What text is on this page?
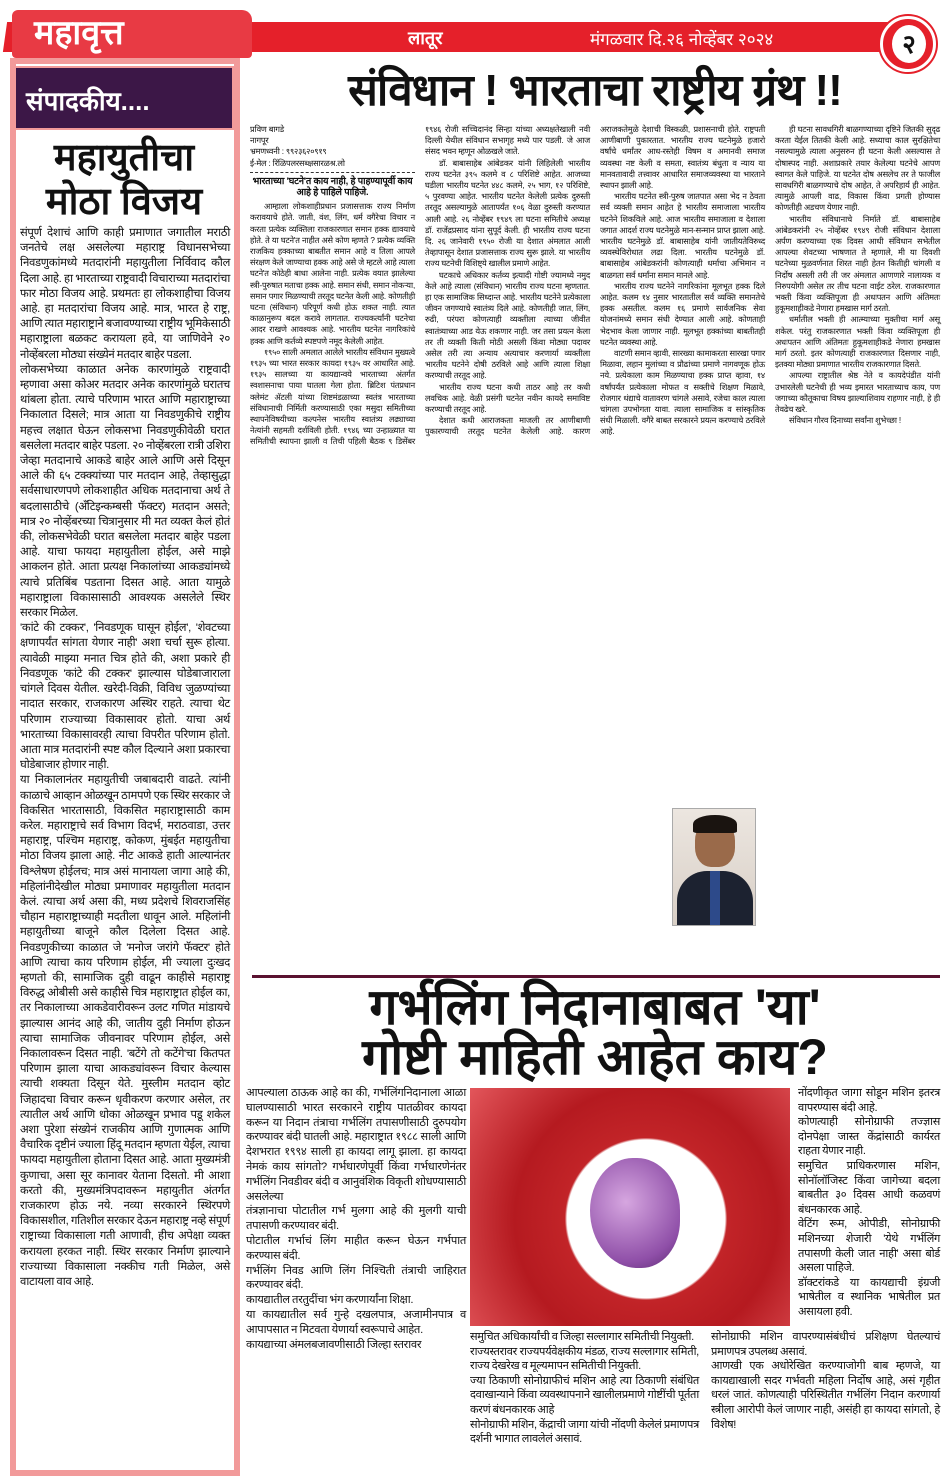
महावृत्त	लातूर	मंगळवार दि.२६ नोव्हेंबर २०२४	२
संपादकीय....
महायुतीचा मोठा विजय

संपूर्ण देशाचं आणि काही प्रमाणात जगातील मराठी जनतेचे लक्ष असलेल्या महाराष्ट्र विधानसभेच्या निवडणुकांमध्ये मतदारांनी महायुतीला निर्विवाद कौल दिला आहे. हा भारताच्या राष्ट्रवादी विचाराच्या मतदारांचा फार मोठा विजय आहे. प्रथमतः हा लोकशाहीचा विजय आहे. हा मतदारांचा विजय आहे. मात्र, भारत हे राष्ट्र, आणि त्यात महाराष्ट्राने बजावण्याच्या राष्ट्रीय भूमिकेसाठी महाराष्ट्राला बळकट करायला हवे, या जाणिवेने २० नोव्हेंबरला मोठ्या संख्येनं मतदार बाहेर पडला.

लोकसभेच्या काळात अनेक कारणांमुळे राष्ट्रवादी म्हणावा असा कोअर मतदार अनेक कारणांमुळे घरातच थांबला होता. त्याचे परिणाम भारत आणि महाराष्ट्राच्या निकालात दिसले; मात्र आता या निवडणुकीचे राष्ट्रीय महत्त्व लक्षात घेऊन लोकसभा निवडणुकीवेळी घरात बसलेला मतदार बाहेर पडला. २० नोव्हेंबरला रात्री उशिरा जेव्हा मतदानाचे आकडे बाहेर आले आणि असे दिसून आले की ६५ टक्क्यांच्या पार मतदान आहे, तेव्हासुद्धा सर्वसाधारणपणे लोकशाहीत अधिक मतदानाचा अर्थ ते बदलासाठीचे (अँटिइन्कम्बसी फॅक्टर) मतदान असते; मात्र २० नोव्हेंबरच्या चित्रानुसार मी मत व्यक्त केलं होतं की, लोकसभेवेळी घरात बसलेला मतदार बाहेर पडला आहे. याचा फायदा महायुतीला होईल, असे माझे आकलन होते. आता प्रत्यक्ष निकालांच्या आकड्यांमध्ये त्याचे प्रतिबिंब पडताना दिसत आहे. आता यामुळे महाराष्ट्राला विकासासाठी आवश्यक असलेले स्थिर सरकार मिळेल.

'कांटे की टक्कर', 'निवडणूक घासून होईल', 'शेवटच्या क्षणापर्यंत सांगता येणार नाही' अशा चर्चा सुरू होत्या. त्यावेळी माझ्या मनात चित्र होते की, अशा प्रकारे ही निवडणूक 'कांटे की टक्कर' झाल्यास घोडेबाजाराला चांगले दिवस येतील. खरेदी-विक्री, विविध जुळण्यांच्या नादात सरकार, राजकारण अस्थिर राहते. त्याचा थेट परिणाम राज्याच्या विकासावर होतो. याचा अर्थ भारताच्या विकासावरही त्याचा विपरीत परिणाम होतो. आता मात्र मतदारांनी स्पष्ट कौल दिल्याने अशा प्रकारचा घोडेबाजार होणार नाही.

या निकालानंतर महायुतीची जबाबदारी वाढते. त्यांनी काळाचे आव्हान ओळखून ठामपणे एक स्थिर सरकार जे विकसित भारतासाठी, विकसित महाराष्ट्रासाठी काम करेल. महाराष्ट्राचे सर्व विभाग विदर्भ, मराठवाडा, उत्तर महाराष्ट्र, पश्चिम महाराष्ट्र, कोकण, मुंबईत महायुतीचा मोठा विजय झाला आहे. नीट आकडे हाती आल्यानंतर विश्लेषण होईलच; मात्र असं मानायला जागा आहे की, महिलांनीदेखील मोठ्या प्रमाणावर महायुतीला मतदान केलं. त्याचा अर्थ असा की, मध्य प्रदेशचे शिवराजसिंह चौहान महाराष्ट्राच्याही मदतीला धावून आले. महिलांनी महायुतीच्या बाजूने कौल दिलेला दिसत आहे. निवडणुकीच्या काळात जे 'मनोज जरांगे फॅक्टर' होते आणि त्याचा काय परिणाम होईल, मी ज्याला दुःखद म्हणतो की, सामाजिक दुही वाढून काहीसे महाराष्ट्र विरुद्ध ओबीसी असे काहीसे चित्र महाराष्ट्रात होईल का, तर निकालाच्या आकडेवारीवरून उलट गणित मांडायचे झाल्यास आनंद आहे की, जातीय दुही निर्माण होऊन त्याचा सामाजिक जीवनावर परिणाम होईल, असे निकालावरून दिसत नाही. 'बटेंगे तो कटेंगे'चा कितपत परिणाम झाला याचा आकड्यांवरून विचार केल्यास त्याची शक्यता दिसून येते. मुस्लीम मतदान व्होट जिहादचा विचार करून धृवीकरण करणार असेल, तर त्यातील अर्थ आणि धोका ओळखून प्रभाव पडू शकेल अशा पुरेशा संख्येनं राजकीय आणि गुणात्मक आणि वैचारिक दृष्टीनं ज्याला हिंदू मतदान म्हणता येईल, त्याचा फायदा महायुतीला होताना दिसत आहे. आता मुख्यमंत्री कुणाचा, असा सूर कानावर येताना दिसतो. मी आशा करतो की, मुख्यमंत्रिपदावरून महायुतीत अंतर्गत राजकारण होऊ नये. नव्या सरकारने स्थिरपणे विकासशील, गतिशील सरकार देऊन महाराष्ट्र नव्हे संपूर्ण राष्ट्राच्या विकासाला गती आणावी, हीच अपेक्षा व्यक्त करायला हरकत नाही. स्थिर सरकार निर्माण झाल्याने राज्याच्या विकासाला नक्कीच गती मिळेल, असे वाटायला वाव आहे.

संविधान ! भारताचा राष्ट्रीय ग्रंथ !!
प्रविण बागडे
नागपूर
भ्रमणध्वनी : ९९२३६२०९१९
ई-मेल : रिंळिपलरसब्क्षसारळश्र.लो
भारताच्या 'घटने'त काय नाही, हे पाहण्यापूर्वी काय आहे हे पाहिले पाहिजे.

आम्हाला लोकशाहीप्रधान प्रजासत्ताक राज्य निर्माण करावयाचे होते. जाती, वंश, लिंग, धर्म वगैरेचा विचार न करता प्रत्येक व्यक्तिला राजकारणात समान हक्क द्यावयाचे होते. ते या घटने'त नाहीत असे कोण म्हणते ? प्रत्येक व्यक्ति राजकिय हक्काच्या बाबतीत समान आहे व तिला आपले संरक्षण केले जाण्याचा हक्क आहे असे जे म्हटले आहे त्याला घटने'त कोठेही बाधा आलेना नाही. प्रत्येक वयात झालेल्या स्त्री-पुरुषात मताचा हक्क आहे. समान संधी, समान नोकऱ्या, समान पगार मिळण्याची तरतूद घटनेत केली आहे. कोणतीही घटना (संविधान) परिपूर्ण कधी होऊ शकत नाही. त्यात काळानुरूप बदल करावे लागतात. राज्यकर्त्यांनी घटनेचा आदर राखणे आवश्यक आहे. भारतीय घटनेत नागरिकांचे हक्क आणि कर्तव्ये स्पष्टपणे नमूद केलेली आहेत.

१९५० साली अमलात आलेले भारतीय संविधान मुख्यत्वे १९३५ च्या भारत सरकार कायदा १९३५ वर आधारित आहे. १९३५ सालच्या या कायद्यान्वये भारताच्या अंतर्गत स्वशासनाचा पाया घातला गेला होता. ब्रिटिश पंतप्रधान क्लेमंट ॲटली यांच्या शिष्टमंडळाच्या स्वतंत्र भारताच्या संविधानाची निर्मिती करण्यासाठी एका मसुदा समितीच्या स्थापनेविषयीच्या कल्पनेस भारतीय स्वातंत्र्य लढ्याच्या नेत्यांनी सहमती दर्शविली होती. १९४६ च्या उन्हाळ्यात या समितीची स्थापना झाली व तिची पहिली बैठक ९ डिसेंबर १९४६ रोजी सच्चिदानंद सिन्हा यांच्या अध्यक्षतेखाली नवी दिल्ली येथील संविधान सभागृह मध्ये पार पडली. जे आज संसद भवन म्हणून ओळखले जाते.

डॉ. बाबासाहेब आंबेडकर यांनी लिहिलेली भारतीय राज्य घटनेत ३९५ कलमे व ८ परिशिष्टे आहेत. आजच्या घडीला भारतीय घटनेत ४४८ कलमे, २५ भाग, १२ परिशिष्टे, ५ पुरवण्या आहेत. भारतीय घटनेत केलेली प्रत्येक दुरुस्ती तरतूद असल्यामुळे आतापर्यंत १०६ वेळा दुरुस्ती करण्यात आली आहे. २६ नोव्हेंबर १९४९ ला घटना समितीचे अध्यक्ष डॉ. राजेंद्रप्रसाद यांना सुपूर्द केली. ही भारतीय राज्य घटना दि. २६ जानेवारी १९५० रोजी या देशात अंमलात आली तेव्हापासून देशात प्रजासत्ताक राज्य सुरू झाले. या भारतीय राज्य घटनेची विशिष्ट्ये खालील प्रमाणे आहेत.

घटकाचे अधिकार कर्तव्य इत्यादी गोष्टी ज्यामध्ये नमुद केले आहे त्याला (संविधान) भारतीय राज्य घटना म्हणतात. हा एक सामाजिक सिध्दान्त आहे. भारतीय घटनेने प्रत्येकाला जीवन जगण्याचे स्वातंत्र्य दिले आहे. कोणतीही जात, लिंग, रुढी, परंपरा कोणत्याही व्यक्तीला त्याच्या जीवीत स्वातंत्र्याच्या आड येऊ शकणार नाही. जर तसा प्रयत्न केला तर ती व्यक्ती किती मोठी असली किंवा मोठ्या पदावर असेल तरी त्या अन्याय अत्याचार करणार्या व्यक्तीला भारतीय घटनेने दोषी ठरविले आहे आणि त्याला शिक्षा करण्याची तरतूद आहे.

भारतीय राज्य घटना कधी ताठर आहे तर कधी लवचिक आहे. वेळी प्रसंगी घटनेत नवीन कायदे समाविष्ट करण्याची तरतूद आहे.

देशात कधी आराजकता माजली तर आणीबाणी पुकारण्याची तरतूद घटनेत केलेली आहे. कारण अराजकतेमुळे देशाची विस्कळी, प्रशासनाची होते. राष्ट्रपती आणीबाणी पुकारतात. भारतीय राज्य घटनेमुळे हजारो वर्षांचे धर्मांतर आध-रस्तेही विषम व अमानवी समाज व्यवस्था नष्ट केली व समता, स्वातंत्र्य बंधुता व न्याय या मानवतावादी तत्त्वावर आधारित समाजव्यवस्था या भारताने स्थापन झाली आहे.

भारतीय घटनेत स्त्री-पुरुष जातपात असा भेद न ठेवता सर्व व्यक्ती समान आहेत हे भारतीय समाजाला भारतीय घटनेने शिकविले आहे. आज भारतीय समाजाला व देशाला जगात आदर्श राज्य घटनेमुळे मान-सन्मान प्राप्त झाला आहे. भारतीय घटनेमुळे डॉ. बाबासाहेब यांनी जातीयतेविरुध्द व्यवस्थेविरोधात लढा दिला. भारतीय घटनेमुळे डॉ. बाबासाहेब आंबेडकरांनी कोणत्याही धर्माचा अभिमान न बाळगता सर्व धर्मांना समान मानले आहे.

भारतीय राज्य घटनेने नागरिकांना मूलभूत हक्क दिले आहेत. कलम १४ नुसार भारतातील सर्व व्यक्ति समानतेचे हक्क असतील. कलम १६ प्रमाणे सार्वजनिक सेवा योजनांमध्ये समान संधी देण्यात आली आहे. कोणताही भेदभाव केला जाणार नाही. मूलभूत हक्कांच्या बाबतीतही घटनेत व्यवस्था आहे.

वाटणी समान व्हावी, सारख्या कामाकरता सारखा पगार मिळावा, लहान मुलांच्या व प्रौढांच्या प्रमाणे नागवणूक होऊ नये. प्रत्येकाला काम मिळण्याचा हक्क प्राप्त व्हावा, १४ वर्षांपर्यंत प्रत्येकाला मोफत व सक्तीचे शिक्षण मिळावे, रोजगार धंद्याचे वातावरण चांगले असावे, रजेचा काल त्याला चांगला उपभोगता यावा. त्याला सामाजिक व सांस्कृतिक संधी मिळाली. वगैरे बाबत सरकारने प्रयत्न करण्याचे ठरविले आहे.

ही घटना सावधगिरी बाळगण्याच्या दृष्टिने जितकी सुदृढ करता येईल तितकी केली आहे. सध्याचा काल सुरक्षितेचा नसल्यामुळे त्याला अनुसरुन ही घटना केली असल्यास ते दोषास्पद नाही. अशाप्रकारे तयार केलेल्या घटनेचे आपण स्वागत केले पाहिजे. या घटनेत दोष असलेच तर ते फाजील सावधगिरी बाळगण्याचे दोष आहेत, ते अपरिहार्य ही आहेत. त्यामुळे आपली वाढ, विकास किंवा प्रगती होण्यास कोणतीही अडचण येणार नाही.

भारतीय संविधानाचे निर्माते डॉ. बाबासाहेब आंबेडकरांनी २५ नोव्हेंबर १९४९ रोजी संविधान देशाला अर्पण करण्याच्या एक दिवस आधी संविधान सभेतील आपल्या शेवटच्या भाषणात ते म्हणाले, मी या दिवशी घटनेच्या मुळवर्णनात शिरत नाही हेतन कितीही चांगली व निर्दोष असली तरी ती जर अंमलात आणणारे नालायक व निरुपयोगी असेल तर तीच घटना वाईट ठरेल. राजकारणात भक्ती किंवा व्यक्तिपूजा ही अधःपतन आणि अंतिमतः हुकूमशाहीकडे नेणारा हमखास मार्ग ठरतो.

धर्मातील भक्ती ही आत्म्याच्या मुक्तीचा मार्ग असू शकेल. परंतु राजकारणात भक्ती किंवा व्यक्तिपूजा ही अधःपतन आणि अंतिमतः हुकूमशाहीकडे नेणारा हमखास मार्ग ठरतो. इतर कोणत्याही राजकारणात दिसणार नाही, इतक्या मोठ्या प्रमाणात भारतीय राजकारणात दिसते.

आपल्या राष्ट्रातील श्रेष्ठ नेते व कायदेपंडीत यांनी उभारलेली घटनेची ही भव्य इमारत भारताच्याच काय, पण जगाच्या कौतूकाचा विषय झाल्याशिवाय राहणार नाही, हे ही तेवढेच खरे.

संविधान गौरव दिनाच्या सर्वांना शुभेच्छा !

गर्भलिंग निदानाबाबत 'या'
गोष्टी माहिती आहेत काय?
आपल्याला ठाऊक आहे का की, गर्भलिंगनिदानाला आळा घालण्यासाठी भारत सरकारने राष्ट्रीय पातळीवर कायदा करून या निदान तंत्राचा गर्भलिंग तपासणीसाठी दुरुपयोग करण्यावर बंदी घातली आहे. महाराष्ट्रात १९८८ साली आणि देशभरात १९९४ साली हा कायदा लागू झाला. हा कायदा नेमकं काय सांगतो? गर्भधारणेपूर्वी किंवा गर्भधारणेनंतर गर्भलिंग निवडीवर बंदी व आनुवंशिक विकृती शोधण्यासाठी असलेल्या
तंत्रज्ञानाचा पोटातील गर्भ मुलगा आहे की मुलगी याची तपासणी करण्यावर बंदी.
पोटातील गर्भाचं लिंग माहीत करून घेऊन गर्भपात करण्यास बंदी.
गर्भलिंग निवड आणि लिंग निश्चिती तंत्राची जाहिरात करण्यावर बंदी.
कायद्यातील तरतुदींचा भंग करणार्यांना शिक्षा.
या कायद्यातील सर्व गुन्हे दखलपात्र, अजामीनपात्र व आपापसात न मिटवता येणार्या स्वरूपाचे आहेत.
कायद्याच्या अंमलबजावणीसाठी जिल्हा स्तरावर
नोंदणीकृत जागा सोडून मशिन इतरत्र वापरण्यास बंदी आहे.
कोणत्याही सोनोग्राफी तज्ज्ञास दोनपेक्षा जास्त केंद्रांसाठी कार्यरत राहता येणार नाही.
समुचित प्राधिकरणास मशिन, सोनॉलॉजिस्ट किंवा जागेच्या बदला बाबतीत ३० दिवस आधी कळवणं बंधनकारक आहे.
वेटिंग रूम, ओपीडी, सोनोग्राफी मशिनच्या शेजारी 'येथे गर्भलिंग तपासणी केली जात नाही' असा बोर्ड असला पाहिजे.
डॉक्टरांकडे या कायद्याची इंग्रजी भाषेतील व स्थानिक भाषेतील प्रत असायला हवी.
समुचित अधिकार्यांची व जिल्हा सल्लागार समितीची नियुक्ती.
राज्यस्तरावर राज्यपर्यवेक्षकीय मंडळ, राज्य सल्लागार समिती, राज्य देखरेख व मूल्यमापन समितीची नियुक्ती.
ज्या ठिकाणी सोनोग्राफीचं मशिन आहे त्या ठिकाणी संबंधित दवाखान्याने किंवा व्यवस्थापनाने खालीलप्रमाणे गोष्टींची पूर्तता करणं बंधनकारक आहे
सोनोग्राफी मशिन, केंद्राची जागा यांची नोंदणी केलेलं प्रमाणपत्र दर्शनी भागात लावलेलं असावं.
सोनोग्राफी मशिन वापरण्यासंबंधीचं प्रशिक्षण घेतल्याचं प्रमाणपत्र उपलब्ध असावं.
आणखी एक अधोरेखित करण्याजोगी बाब म्हणजे, या कायद्याखाली सदर गर्भवती महिला निर्दोष आहे, असं गृहीत धरलं जातं. कोणत्याही परिस्थितीत गर्भलिंग निदान करणार्या स्त्रीला आरोपी केलं जाणार नाही, असंही हा कायदा सांगतो, हे विशेष!
